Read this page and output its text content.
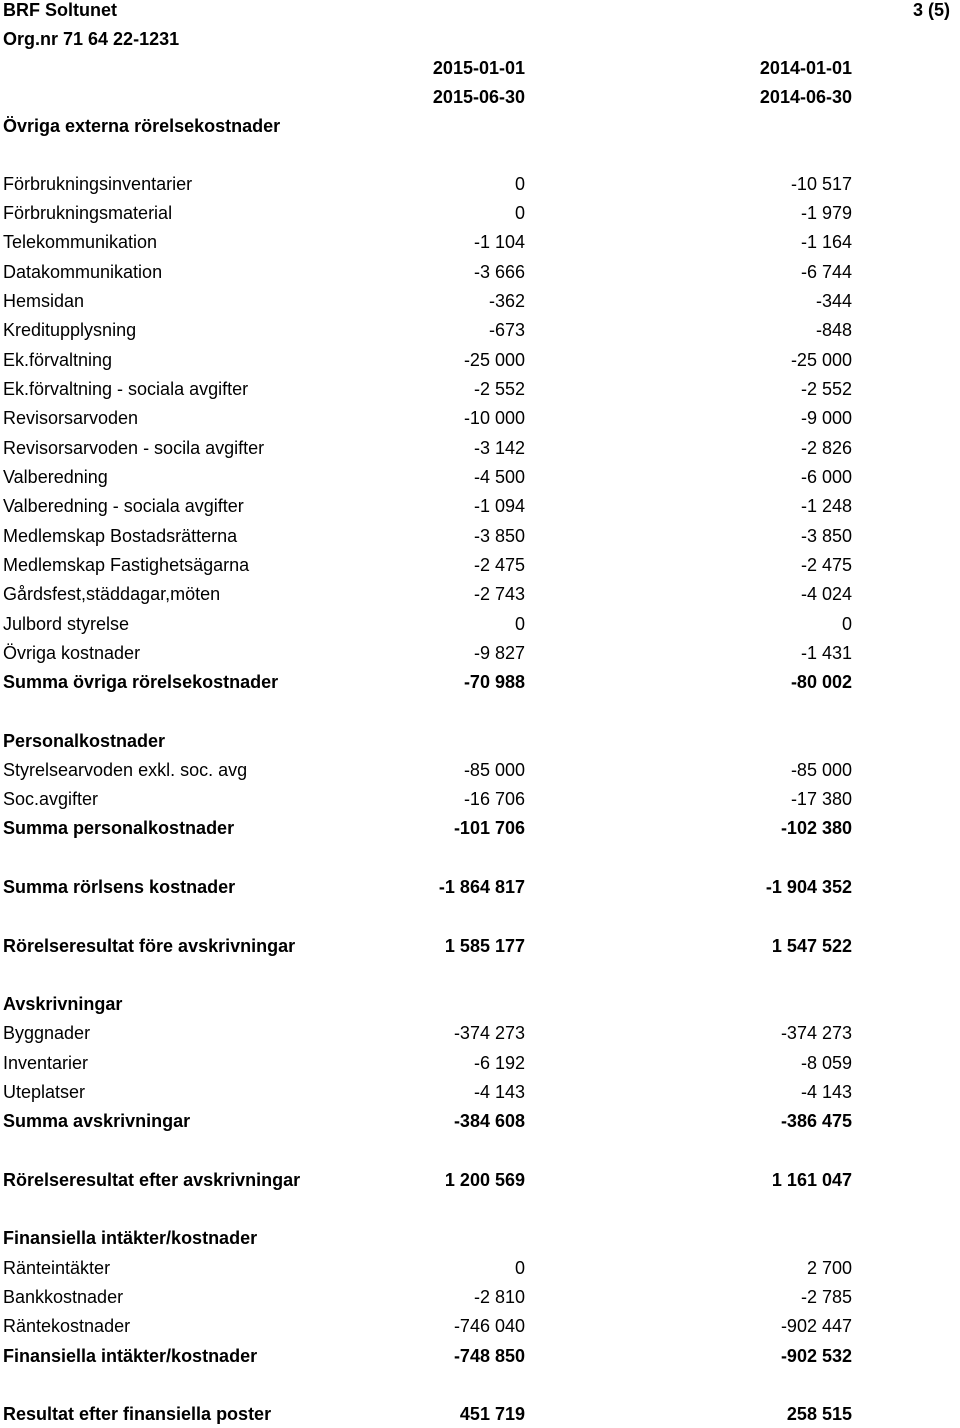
BRF Soltunet
Org.nr 71 64 22-1231
3 (5)
2015-01-01	2014-01-01
2015-06-30	2014-06-30
Övriga externa rörelsekostnader
Förbrukningsinventarier	0	-10 517
Förbrukningsmaterial	0	-1 979
Telekommunikation	-1 104	-1 164
Datakommunikation	-3 666	-6 744
Hemsidan	-362	-344
Kreditupplysning	-673	-848
Ek.förvaltning	-25 000	-25 000
Ek.förvaltning - sociala avgifter	-2 552	-2 552
Revisorsarvoden	-10 000	-9 000
Revisorsarvoden - socila avgifter	-3 142	-2 826
Valberedning	-4 500	-6 000
Valberedning - sociala avgifter	-1 094	-1 248
Medlemskap Bostadsrätterna	-3 850	-3 850
Medlemskap Fastighetsägarna	-2 475	-2 475
Gårdsfest,städdagar,möten	-2 743	-4 024
Julbord styrelse	0	0
Övriga kostnader	-9 827	-1 431
Summa övriga rörelsekostnader	-70 988	-80 002
Personalkostnader
Styrelsearvoden exkl. soc. avg	-85 000	-85 000
Soc.avgifter	-16 706	-17 380
Summa personalkostnader	-101 706	-102 380
Summa rörlsens kostnader	-1 864 817	-1 904 352
Rörelseresultat före avskrivningar	1 585 177	1 547 522
Avskrivningar
Byggnader	-374 273	-374 273
Inventarier	-6 192	-8 059
Uteplatser	-4 143	-4 143
Summa avskrivningar	-384 608	-386 475
Rörelseresultat efter avskrivningar	1 200 569	1 161 047
Finansiella intäkter/kostnader
Ränteintäkter	0	2 700
Bankkostnader	-2 810	-2 785
Räntekostnader	-746 040	-902 447
Finansiella intäkter/kostnader	-748 850	-902 532
Resultat efter finansiella poster	451 719	258 515
